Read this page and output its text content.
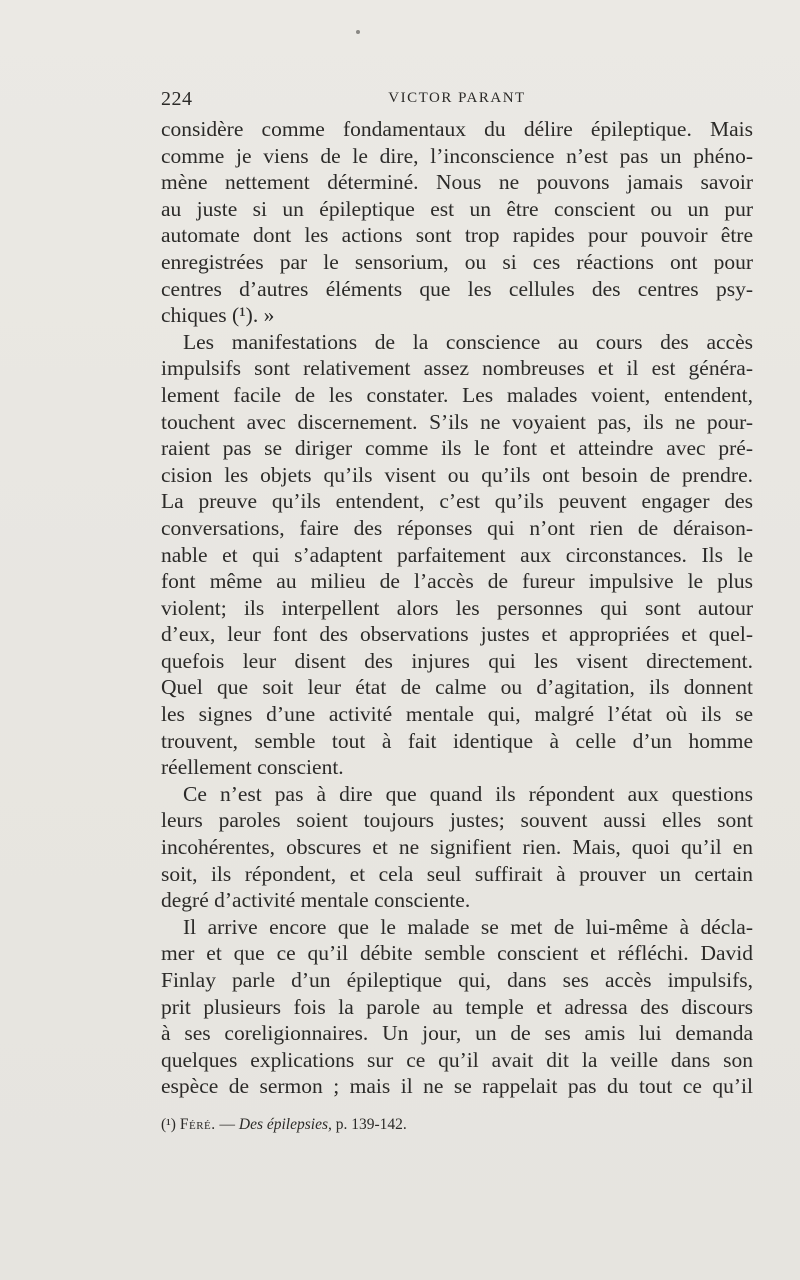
224	VICTOR PARANT
considère comme fondamentaux du délire épileptique. Mais
comme je viens de le dire, l’inconscience n’est pas un phéno-
mène nettement déterminé. Nous ne pouvons jamais savoir
au juste si un épileptique est un être conscient ou un pur
automate dont les actions sont trop rapides pour pouvoir être
enregistrées par le sensorium, ou si ces réactions ont pour
centres d’autres éléments que les cellules des centres psy-
chiques (¹). »
Les manifestations de la conscience au cours des accès
impulsifs sont relativement assez nombreuses et il est généra-
lement facile de les constater. Les malades voient, entendent,
touchent avec discernement. S’ils ne voyaient pas, ils ne pour-
raient pas se diriger comme ils le font et atteindre avec pré-
cision les objets qu’ils visent ou qu’ils ont besoin de prendre.
La preuve qu’ils entendent, c’est qu’ils peuvent engager des
conversations, faire des réponses qui n’ont rien de déraison-
nable et qui s’adaptent parfaitement aux circonstances. Ils le
font même au milieu de l’accès de fureur impulsive le plus
violent; ils interpellent alors les personnes qui sont autour
d’eux, leur font des observations justes et appropriées et quel-
quefois leur disent des injures qui les visent directement.
Quel que soit leur état de calme ou d’agitation, ils donnent
les signes d’une activité mentale qui, malgré l’état où ils se
trouvent, semble tout à fait identique à celle d’un homme
réellement conscient.
Ce n’est pas à dire que quand ils répondent aux questions
leurs paroles soient toujours justes; souvent aussi elles sont
incohérentes, obscures et ne signifient rien. Mais, quoi qu’il en
soit, ils répondent, et cela seul suffirait à prouver un certain
degré d’activité mentale consciente.
Il arrive encore que le malade se met de lui-même à décla-
mer et que ce qu’il débite semble conscient et réfléchi. David
Finlay parle d’un épileptique qui, dans ses accès impulsifs,
prit plusieurs fois la parole au temple et adressa des discours
à ses coreligionnaires. Un jour, un de ses amis lui demanda
quelques explications sur ce qu’il avait dit la veille dans son
espèce de sermon ; mais il ne se rappelait pas du tout ce qu’il
(¹) Féré. — Des épilepsies, p. 139-142.
